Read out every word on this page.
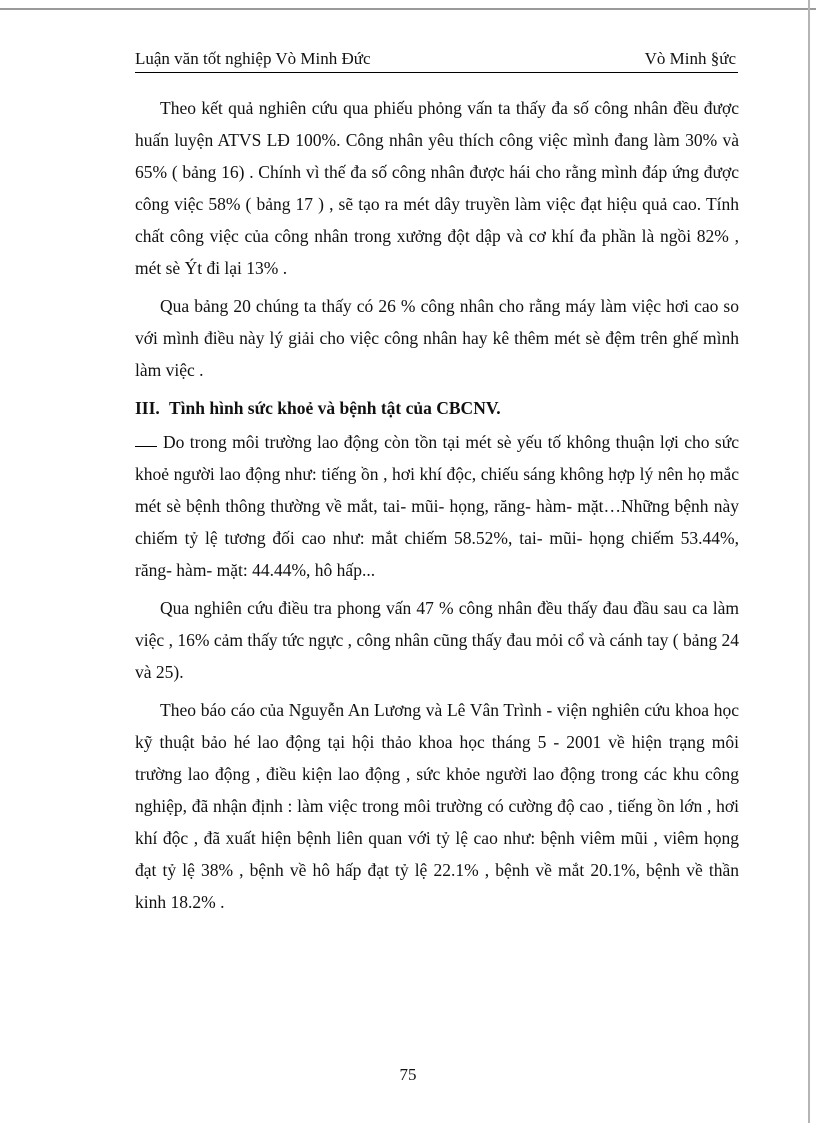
Luận văn tốt nghiệp Vò Minh Đức	Vò Minh §ức

Theo kết quả nghiên cứu qua phiếu phỏng vấn ta thấy đa số công nhân đều được huấn luyện ATVS LĐ 100%. Công nhân yêu thích công việc mình đang làm 30% và 65% ( bảng 16) . Chính vì thế đa số công nhân được hái cho rằng mình đáp ứng được công việc 58% ( bảng 17 ) , sẽ tạo ra mét dây truyền làm việc đạt hiệu quả cao. Tính chất công việc của công nhân trong xưởng đột dập và cơ khí đa phần là ngồi 82% , mét sè Ýt đi lại 13% .

Qua bảng 20 chúng ta thấy có 26 % công nhân cho rằng máy làm việc hơi cao so với mình điều này lý giải cho việc công nhân hay kê thêm mét sè đệm trên ghế mình làm việc .

III. Tình hình sức khoẻ và bệnh tật của CBCNV.

Do trong môi trường lao động còn tồn tại mét sè yếu tố không thuận lợi cho sức khoẻ người lao động như: tiếng ồn , hơi khí độc, chiếu sáng không hợp lý nên họ mắc mét sè bệnh thông thường về mắt, tai- mũi- họng, răng- hàm- mặt…Những bệnh này chiếm tỷ lệ tương đối cao như: mắt chiếm 58.52%, tai- mũi- họng chiếm 53.44%, răng- hàm- mặt: 44.44%, hô hấp...

Qua nghiên cứu điều tra phong vấn 47 % công nhân đều thấy đau đầu sau ca làm việc , 16% cảm thấy tức ngực , công nhân cũng thấy đau mỏi cổ và cánh tay ( bảng 24 và 25).

Theo báo cáo của Nguyễn An Lương và Lê Vân Trình - viện nghiên cứu khoa học kỹ thuật bảo hé lao động tại hội thảo khoa học tháng 5 - 2001 về hiện trạng môi trường lao động , điều kiện lao động , sức khỏe người lao động trong các khu công nghiệp, đã nhận định : làm việc trong môi trường có cường độ cao , tiếng ồn lớn , hơi khí độc , đã xuất hiện bệnh liên quan với tỷ lệ cao như: bệnh viêm mũi , viêm họng đạt tỷ lệ 38% , bệnh về hô hấp đạt tỷ lệ 22.1% , bệnh về mắt 20.1%, bệnh về thần kinh 18.2% .

75
